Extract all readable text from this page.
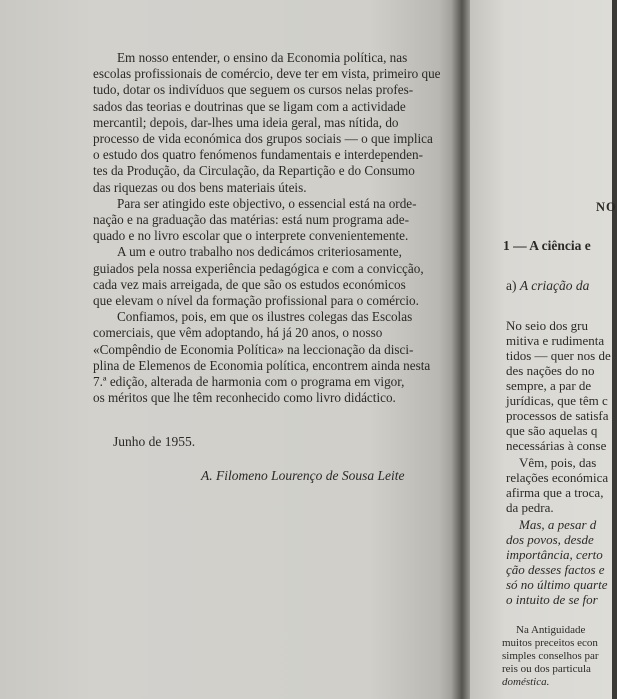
Em nosso entender, o ensino da Economia política, nas
escolas profissionais de comércio, deve ter em vista, primeiro que
tudo, dotar os indivíduos que seguem os cursos nelas profes-
sados das teorias e doutrinas que se ligam com a actividade
mercantil; depois, dar-lhes uma ideia geral, mas nítida, do
processo de vida económica dos grupos sociais — o que implica
o estudo dos quatro fenómenos fundamentais e interdependen-
tes da Produção, da Circulação, da Repartição e do Consumo
das riquezas ou dos bens materiais úteis.
Para ser atingido este objectivo, o essencial está na orde-
nação e na graduação das matérias: está num programa ade-
quado e no livro escolar que o interprete convenientemente.
A um e outro trabalho nos dedicámos criteriosamente,
guiados pela nossa experiência pedagógica e com a convicção,
cada vez mais arreigada, de que são os estudos económicos
que elevam o nível da formação profissional para o comércio.
Confiamos, pois, em que os ilustres colegas das Escolas
comerciais, que vêm adoptando, há já 20 anos, o nosso
«Compêndio de Economia Política» na leccionação da disci-
plina de Elemenos de Economia política, encontrem ainda nesta
7.ª edição, alterada de harmonia com o programa em vigor,
os méritos que lhe têm reconhecido como livro didáctico.
Junho de 1955.
A. Filomeno Lourenço de Sousa Leite
NO
1 — A ciência e
a) A criação da
No seio dos gru
mitiva e rudimenta
tidos — quer nos de
des nações do no
sempre, a par de
jurídicas, que têm c
processos de satisfa
que são aquelas q
necessárias à conse
Vêm, pois, das
relações económica
afirma que a troca,
da pedra.
Mas, a pesar d
dos povos, desde
importância, certo
ção desses factos e
só no último quarte
o intuito de se for
Na Antiguidade
muitos preceitos econ
simples conselhos par
reis ou dos particula
doméstica.
